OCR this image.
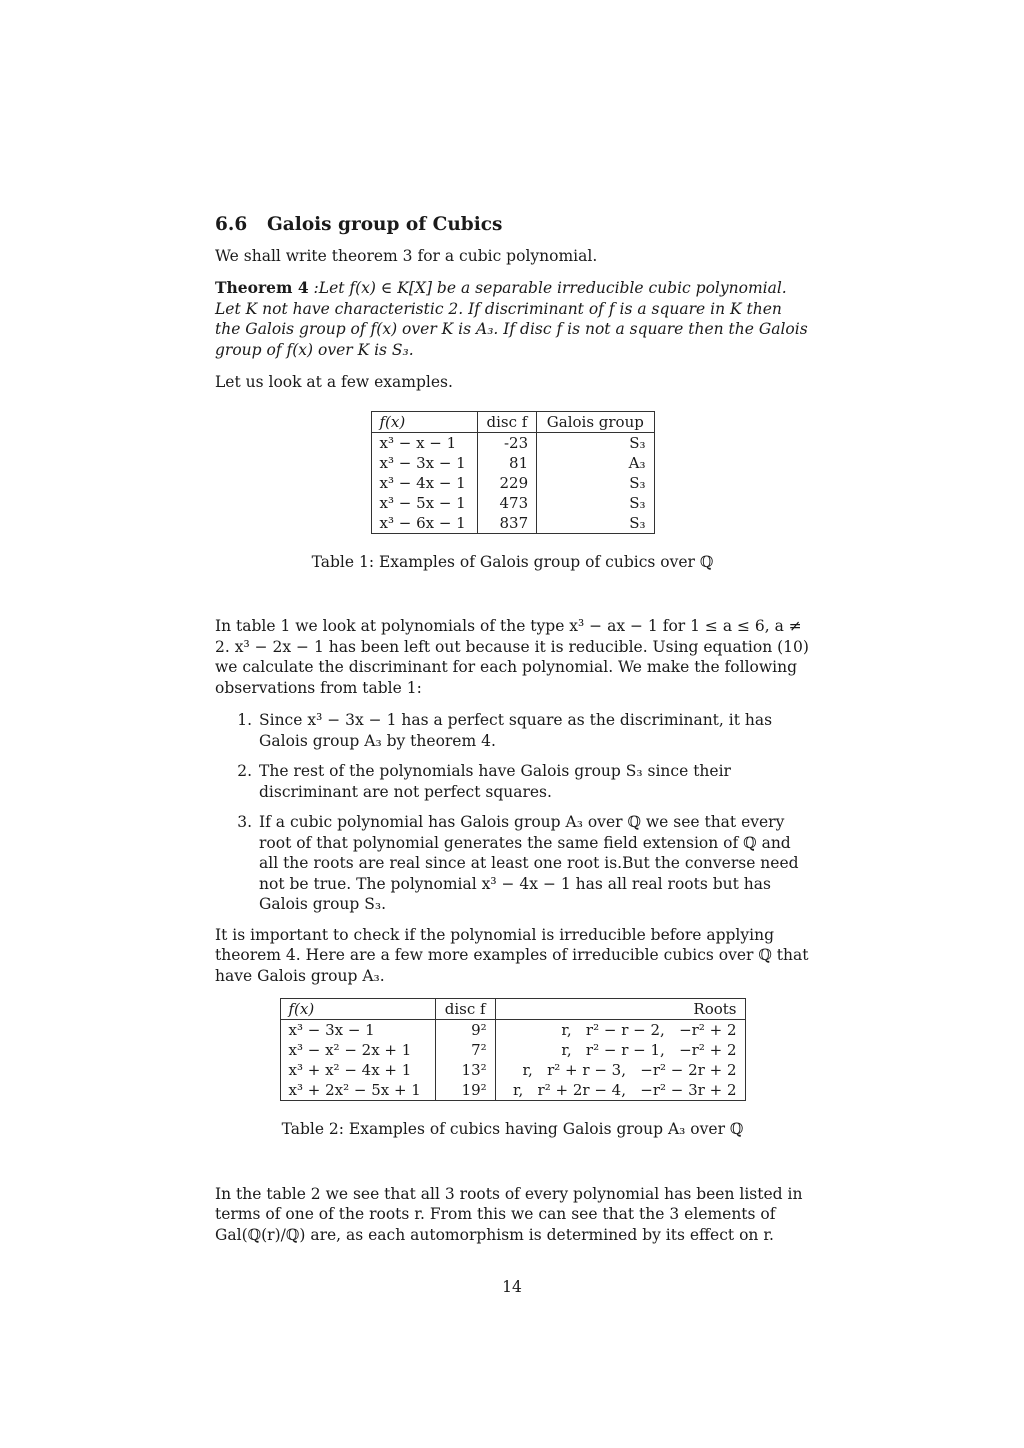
6.6 Galois group of Cubics

We shall write theorem 3 for a cubic polynomial.

Theorem 4 :Let f(x) ∈ K[X] be a separable irreducible cubic polynomial. Let K not have characteristic 2. If discriminant of f is a square in K then the Galois group of f(x) over K is A₃. If disc f is not a square then the Galois group of f(x) over K is S₃.

Let us look at a few examples.

f(x)	disc f	Galois group
x³ − x − 1	-23	S₃
x³ − 3x − 1	81	A₃
x³ − 4x − 1	229	S₃
x³ − 5x − 1	473	S₃
x³ − 6x − 1	837	S₃
Table 1: Examples of Galois group of cubics over ℚ

In table 1 we look at polynomials of the type x³ − ax − 1 for 1 ≤ a ≤ 6, a ≠ 2. x³ − 2x − 1 has been left out because it is reducible. Using equation (10) we calculate the discriminant for each polynomial. We make the following observations from table 1:

1. Since x³ − 3x − 1 has a perfect square as the discriminant, it has Galois group A₃ by theorem 4.
2. The rest of the polynomials have Galois group S₃ since their discriminant are not perfect squares.
3. If a cubic polynomial has Galois group A₃ over ℚ we see that every root of that polynomial generates the same field extension of ℚ and all the roots are real since at least one root is.But the converse need not be true. The polynomial x³ − 4x − 1 has all real roots but has Galois group S₃.

It is important to check if the polynomial is irreducible before applying theorem 4. Here are a few more examples of irreducible cubics over ℚ that have Galois group A₃.

f(x)	disc f	Roots
x³ − 3x − 1	9²	r,   r² − r − 2,   −r² + 2
x³ − x² − 2x + 1	7²	r,   r² − r − 1,   −r² + 2
x³ + x² − 4x + 1	13²	r,   r² + r − 3,   −r² − 2r + 2
x³ + 2x² − 5x + 1	19²	r,   r² + 2r − 4,   −r² − 3r + 2
Table 2: Examples of cubics having Galois group A₃ over ℚ

In the table 2 we see that all 3 roots of every polynomial has been listed in terms of one of the roots r. From this we can see that the 3 elements of Gal(ℚ(r)/ℚ) are, as each automorphism is determined by its effect on r.

14
